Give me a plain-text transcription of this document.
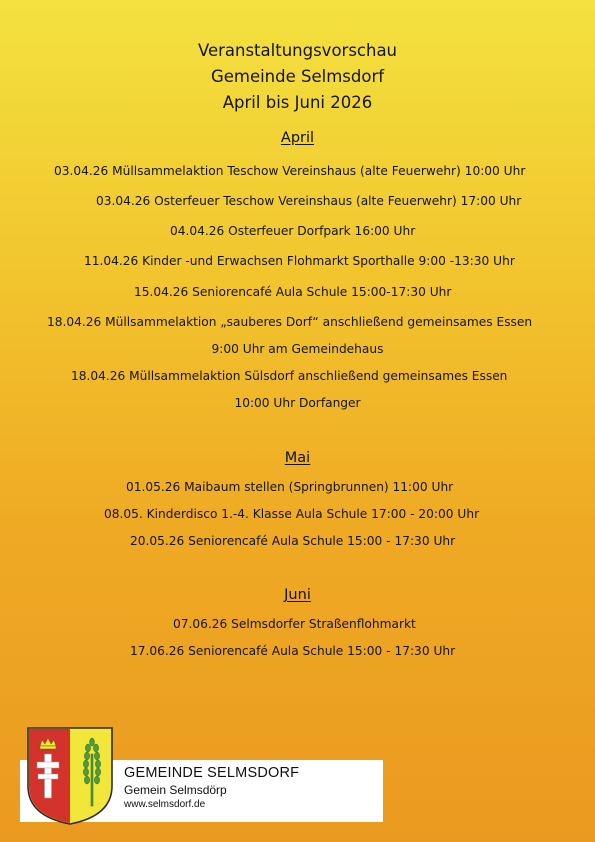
Veranstaltungsvorschau
Gemeinde Selmsdorf
April bis Juni 2026
April
03.04.26 Müllsammelaktion Teschow Vereinshaus (alte Feuerwehr) 10:00 Uhr
03.04.26 Osterfeuer Teschow Vereinshaus (alte Feuerwehr) 17:00 Uhr
04.04.26 Osterfeuer Dorfpark 16:00 Uhr
11.04.26 Kinder -und Erwachsen Flohmarkt Sporthalle 9:00 -13:30 Uhr
15.04.26 Seniorencafé Aula Schule 15:00-17:30 Uhr
18.04.26 Müllsammelaktion „sauberes Dorf“ anschließend gemeinsames Essen
9:00 Uhr am Gemeindehaus
18.04.26 Müllsammelaktion Sülsdorf anschließend gemeinsames Essen
10:00 Uhr Dorfanger
Mai
01.05.26 Maibaum stellen (Springbrunnen) 11:00 Uhr
08.05. Kinderdisco 1.-4. Klasse Aula Schule 17:00 - 20:00 Uhr
20.05.26 Seniorencafé Aula Schule 15:00 - 17:30 Uhr
Juni
07.06.26 Selmsdorfer Straßenflohmarkt
17.06.26 Seniorencafé Aula Schule 15:00 - 17:30 Uhr
GEMEINDE SELMSDORF
Gemein Selmsdörp
www.selmsdorf.de
